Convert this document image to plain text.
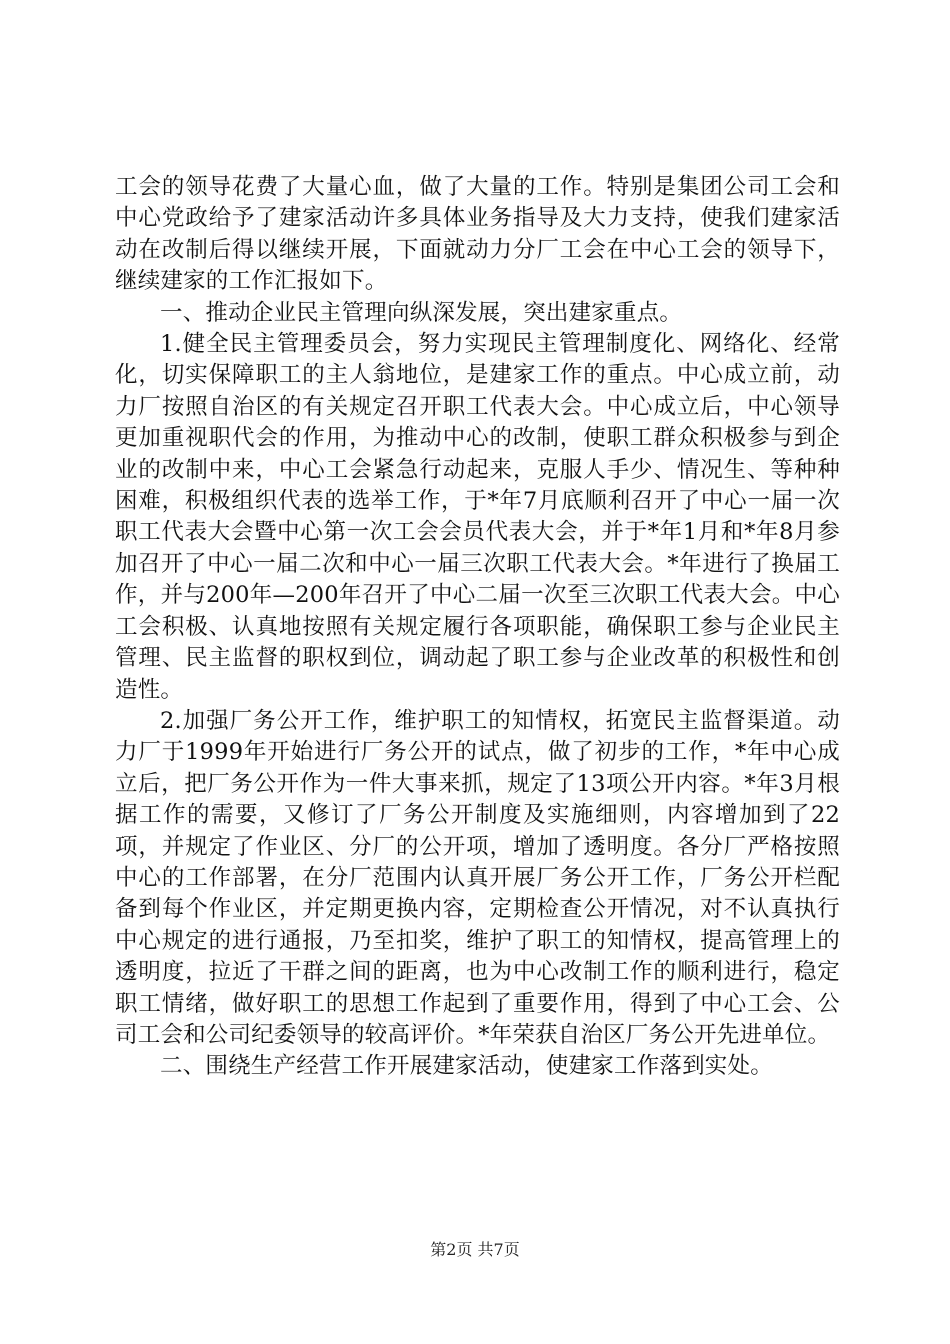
工会的领导花费了大量心血，做了大量的工作。特别是集团公司工会和中心党政给予了建家活动许多具体业务指导及大力支持，使我们建家活动在改制后得以继续开展，下面就动力分厂工会在中心工会的领导下，继续建家的工作汇报如下。

一、推动企业民主管理向纵深发展，突出建家重点。

1.健全民主管理委员会，努力实现民主管理制度化、网络化、经常化，切实保障职工的主人翁地位，是建家工作的重点。中心成立前，动力厂按照自治区的有关规定召开职工代表大会。中心成立后，中心领导更加重视职代会的作用，为推动中心的改制，使职工群众积极参与到企业的改制中来，中心工会紧急行动起来，克服人手少、情况生、等种种困难，积极组织代表的选举工作，于*年7月底顺利召开了中心一届一次职工代表大会暨中心第一次工会会员代表大会，并于*年1月和*年8月参加召开了中心一届二次和中心一届三次职工代表大会。*年进行了换届工作，并与200年—200年召开了中心二届一次至三次职工代表大会。中心工会积极、认真地按照有关规定履行各项职能，确保职工参与企业民主管理、民主监督的职权到位，调动起了职工参与企业改革的积极性和创造性。

2.加强厂务公开工作，维护职工的知情权，拓宽民主监督渠道。动力厂于1999年开始进行厂务公开的试点，做了初步的工作，*年中心成立后，把厂务公开作为一件大事来抓，规定了13项公开内容。*年3月根据工作的需要，又修订了厂务公开制度及实施细则，内容增加到了22项，并规定了作业区、分厂的公开项，增加了透明度。各分厂严格按照中心的工作部署，在分厂范围内认真开展厂务公开工作，厂务公开栏配备到每个作业区，并定期更换内容，定期检查公开情况，对不认真执行中心规定的进行通报，乃至扣奖，维护了职工的知情权，提高管理上的透明度，拉近了干群之间的距离，也为中心改制工作的顺利进行，稳定职工情绪，做好职工的思想工作起到了重要作用，得到了中心工会、公司工会和公司纪委领导的较高评价。*年荣获自治区厂务公开先进单位。

二、围绕生产经营工作开展建家活动，使建家工作落到实处。

第2页 共7页
